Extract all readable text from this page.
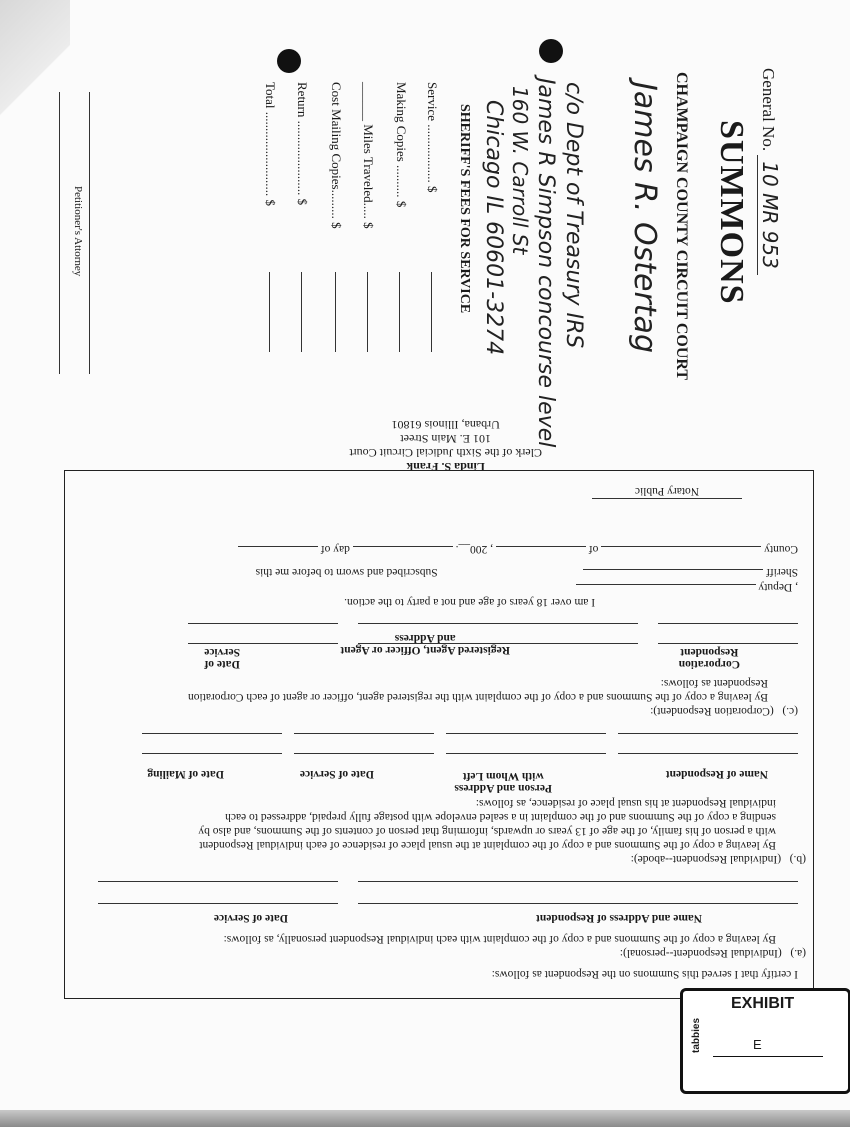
General No. 10 MR 953
SUMMONS
CHAMPAIGN COUNTY CIRCUIT COURT
James R. Ostertag
c/o Dept of Treasury IRS
James R Simpson concourse level
160 W. Carroll St
Chicago IL 60601-3274
SHERIFF'S FEES FOR SERVICE
Service .................. $
Making Copies .......... $
______ Miles Traveled..... $
Cost Mailing Copies......... $
Return ....................... $
Total .......................... $
Petitioner's Attorney
Linda S. Frank
Clerk of the Sixth Judicial Circuit Court
101 E. Main Street
Urbana, Illinois 61801
Notary Public
County  of  , 200__.  day of
Sheriff   Subscribed and sworn to before me this
, Deputy
I am over 18 years of age and not a party to the action.
Corporation
Respondent
Registered Agent, Officer or Agent
and Address
Date of
Service
(c.)   (Corporation Respondent):
By leaving a copy of the Summons and a copy of the complaint with the registered agent, officer or agent of each Corporation
Respondent as follows:
Name of Respondent
Person and Address
with Whom Left
Date of Service
Date of Mailing
(b.)   (Individual Respondent--abode):
By leaving a copy of the Summons and a copy of the complaint at the usual place of residence of each individual Respondent
with a person of his family, of the age of 13 years or upwards, informing that person of contents of the Summons, and also by
sending a copy of the Summons and of the complaint in a sealed envelope with postage fully prepaid, addressed to each
individual Respondent at his usual place of residence, as follows:
Name and Address of Respondent
Date of Service
(a.)   (Individual Respondent--personal):
By leaving a copy of the Summons and a copy of the complaint with each individual Respondent personally, as follows:
I certify that I served this Summons on the Respondent as follows:
tabbies
EXHIBIT
E
